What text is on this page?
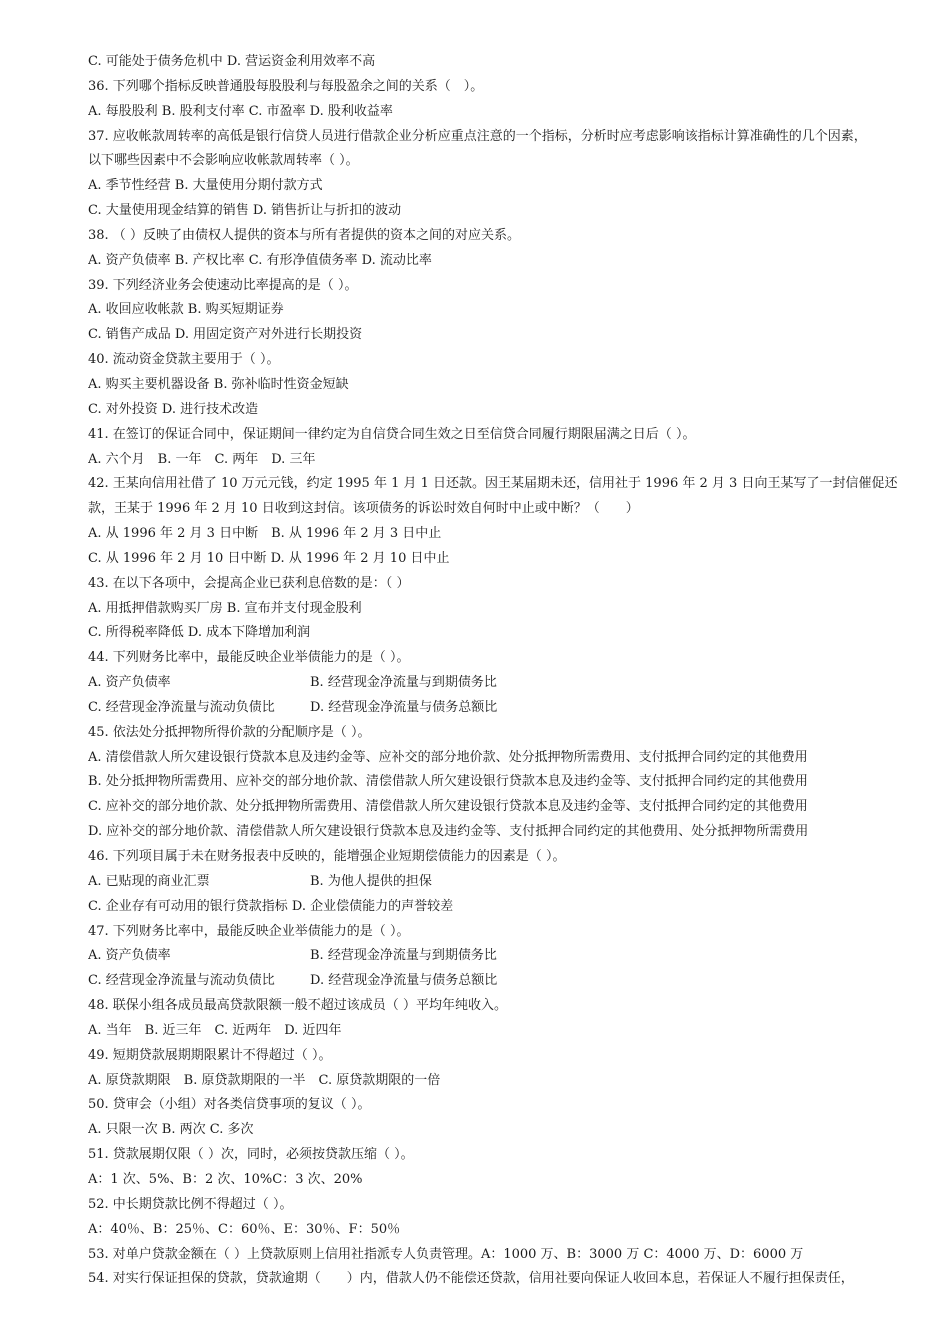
C. 可能处于债务危机中 D. 营运资金利用效率不高
36. 下列哪个指标反映普通股每股股利与每股盈余之间的关系（　）。
A. 每股股利 B. 股利支付率 C. 市盈率 D. 股利收益率
37. 应收帐款周转率的高低是银行信贷人员进行借款企业分析应重点注意的一个指标，分析时应考虑影响该指标计算准确性的几个因素，
以下哪些因素中不会影响应收帐款周转率（ ）。
A. 季节性经营 B. 大量使用分期付款方式
C. 大量使用现金结算的销售 D. 销售折让与折扣的波动
38. （ ）反映了由债权人提供的资本与所有者提供的资本之间的对应关系。
A. 资产负债率 B. 产权比率 C. 有形净值债务率 D. 流动比率
39. 下列经济业务会使速动比率提高的是（ ）。
A. 收回应收帐款 B. 购买短期证券
C. 销售产成品 D. 用固定资产对外进行长期投资
40. 流动资金贷款主要用于（ ）。
A. 购买主要机器设备 B. 弥补临时性资金短缺
C. 对外投资 D. 进行技术改造
41. 在签订的保证合同中，保证期间一律约定为自信贷合同生效之日至信贷合同履行期限届满之日后（ ）。
A. 六个月　B. 一年　C. 两年　D. 三年
42. 王某向信用社借了 10 万元元钱，约定 1995 年 1 月 1 日还款。因王某届期未还，信用社于 1996 年 2 月 3 日向王某写了一封信催促还
款，王某于 1996 年 2 月 10 日收到这封信。该项债务的诉讼时效自何时中止或中断？（　　）
A. 从 1996 年 2 月 3 日中断　B. 从 1996 年 2 月 3 日中止
C. 从 1996 年 2 月 10 日中断 D. 从 1996 年 2 月 10 日中止
43. 在以下各项中，会提高企业已获利息倍数的是：（ ）
A. 用抵押借款购买厂房 B. 宣布并支付现金股利
C. 所得税率降低 D. 成本下降增加利润
44. 下列财务比率中，最能反映企业举债能力的是（ ）。
A. 资产负债率	B. 经营现金净流量与到期债务比
C. 经营现金净流量与流动负债比	D. 经营现金净流量与债务总额比
45. 依法处分抵押物所得价款的分配顺序是（ ）。
A. 清偿借款人所欠建设银行贷款本息及违约金等、应补交的部分地价款、处分抵押物所需费用、支付抵押合同约定的其他费用
B. 处分抵押物所需费用、应补交的部分地价款、清偿借款人所欠建设银行贷款本息及违约金等、支付抵押合同约定的其他费用
C. 应补交的部分地价款、处分抵押物所需费用、清偿借款人所欠建设银行贷款本息及违约金等、支付抵押合同约定的其他费用
D. 应补交的部分地价款、清偿借款人所欠建设银行贷款本息及违约金等、支付抵押合同约定的其他费用、处分抵押物所需费用
46. 下列项目属于未在财务报表中反映的，能增强企业短期偿债能力的因素是（ ）。
A. 已贴现的商业汇票	B. 为他人提供的担保
C. 企业存有可动用的银行贷款指标 D. 企业偿债能力的声誉较差
47. 下列财务比率中，最能反映企业举债能力的是（ ）。
A. 资产负债率	B. 经营现金净流量与到期债务比
C. 经营现金净流量与流动负债比	D. 经营现金净流量与债务总额比
48. 联保小组各成员最高贷款限额一般不超过该成员（ ）平均年纯收入。
A. 当年　B. 近三年　C. 近两年　D. 近四年
49. 短期贷款展期期限累计不得超过（ ）。
A. 原贷款期限　B. 原贷款期限的一半　C. 原贷款期限的一倍
50. 贷审会（小组）对各类信贷事项的复议（ ）。
A. 只限一次 B. 两次 C. 多次
51. 贷款展期仅限（ ）次，同时，必须按贷款压缩（ ）。
A：1 次、5%、B：2 次、10%C：3 次、20%
52. 中长期贷款比例不得超过（ ）。
A：40％、B：25％、C：60％、E：30％、F：50％
53. 对单户贷款金额在（ ）上贷款原则上信用社指派专人负责管理。A：1000 万、B：3000 万 C：4000 万、D：6000 万
54. 对实行保证担保的贷款，贷款逾期（　　）内，借款人仍不能偿还贷款，信用社要向保证人收回本息，若保证人不履行担保责任，
